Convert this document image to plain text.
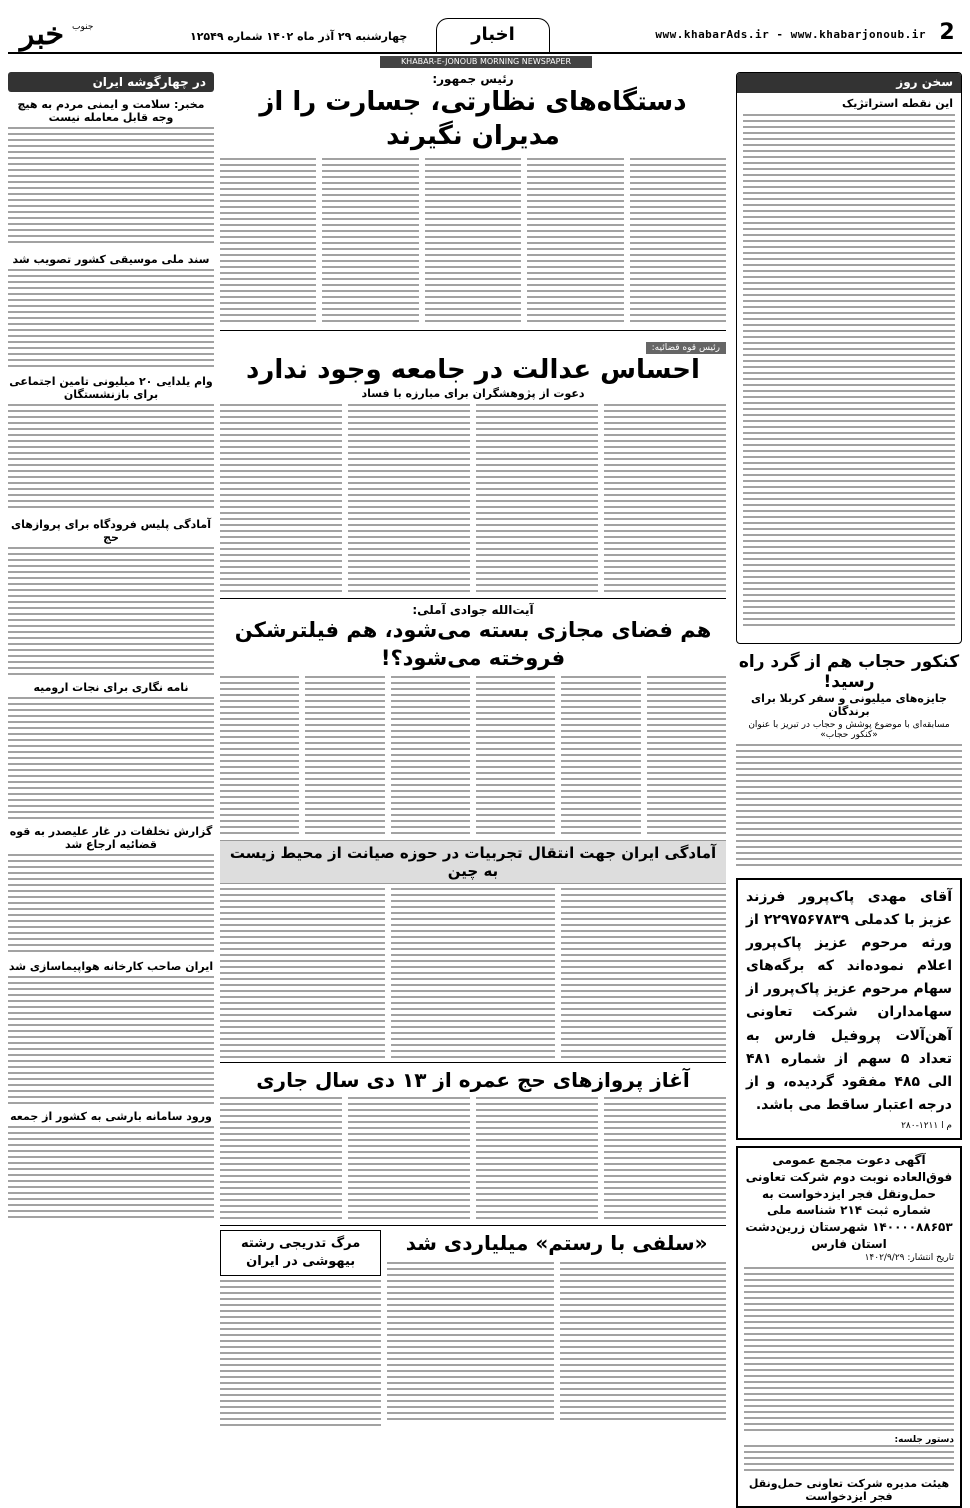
2
www.khabarAds.ir - www.khabarjonoub.ir
اخبار
چهارشنبه ۲۹ آذر ماه ۱۴۰۲ شماره ۱۲۵۴۹
جنوب
خبر
KHABAR-E-JONOUB MORNING NEWSPAPER
سخن روز
این نقطه استراتژیک
کنکور حجاب هم از گرد راه رسید!
جایزه‌های میلیونی و سفر کربلا برای برندگان
مسابقه‌ای با موضوع پوشش و حجاب در تبریز با عنوان «کنکور حجاب»
آقای مهدی پاک‌پرور فرزند عزیز با کدملی ۲۲۹۷۵۶۷۸۳۹ از ورثه مرحوم عزیز پاک‌پرور اعلام نموده‌اند که برگه‌های سهام مرحوم عزیز پاک‌پرور از سهامداران شرکت تعاونی آهن‌آلات پروفیل فارس به تعداد ۵ سهم از شماره ۴۸۱ الی ۴۸۵ مفقود گردیده، و از درجه اعتبار ساقط می باشد.
م ا ۱۲۱۱-۲۸۰
آگهی دعوت مجمع عمومی فوق‌العاده نوبت دوم شرکت تعاونی حمل‌ونقل فجر ایزدخواست به شماره ثبت ۲۱۴ شناسه ملی ۱۴۰۰۰۰۸۸۶۵۳ شهرستان زرین‌دشت استان فارس
تاریخ انتشار: ۱۴۰۲/۹/۲۹
دستور جلسه:
هیئت مدیره شرکت تعاونی حمل‌ونقل فجر ایزدخواست
رئیس جمهور:
دستگاه‌های نظارتی، جسارت را از مدیران نگیرند
رئیس قوه قضائیه:
احساس عدالت در جامعه وجود ندارد
دعوت از پژوهشگران برای مبارزه با فساد
آیت‌الله جوادی آملی:
هم فضای مجازی بسته می‌شود، هم فیلترشکن فروخته می‌شود؟!
آمادگی ایران جهت انتقال تجربیات در حوزه صیانت از محیط زیست به چین
آغاز پروازهای حج عمره از ۱۳ دی سال جاری
«سلفی با رستم» میلیاردی شد
مرگ تدریجی رشته بیهوشی در ایران
در چهارگوشه ایران
مخبر: سلامت و ایمنی مردم به هیچ وجه قابل معامله نیست
سند ملی موسیقی کشور تصویب شد
وام یلدایی ۲۰ میلیونی تامین اجتماعی برای بازنشستگان
آمادگی پلیس فرودگاه برای پروازهای حج
نامه نگاری برای نجات ارومیه
گزارش تخلفات در غار علیصدر به قوه قضائیه ارجاع شد
ایران صاحب کارخانه هواپیماسازی شد
ورود سامانه بارشی به کشور از جمعه
